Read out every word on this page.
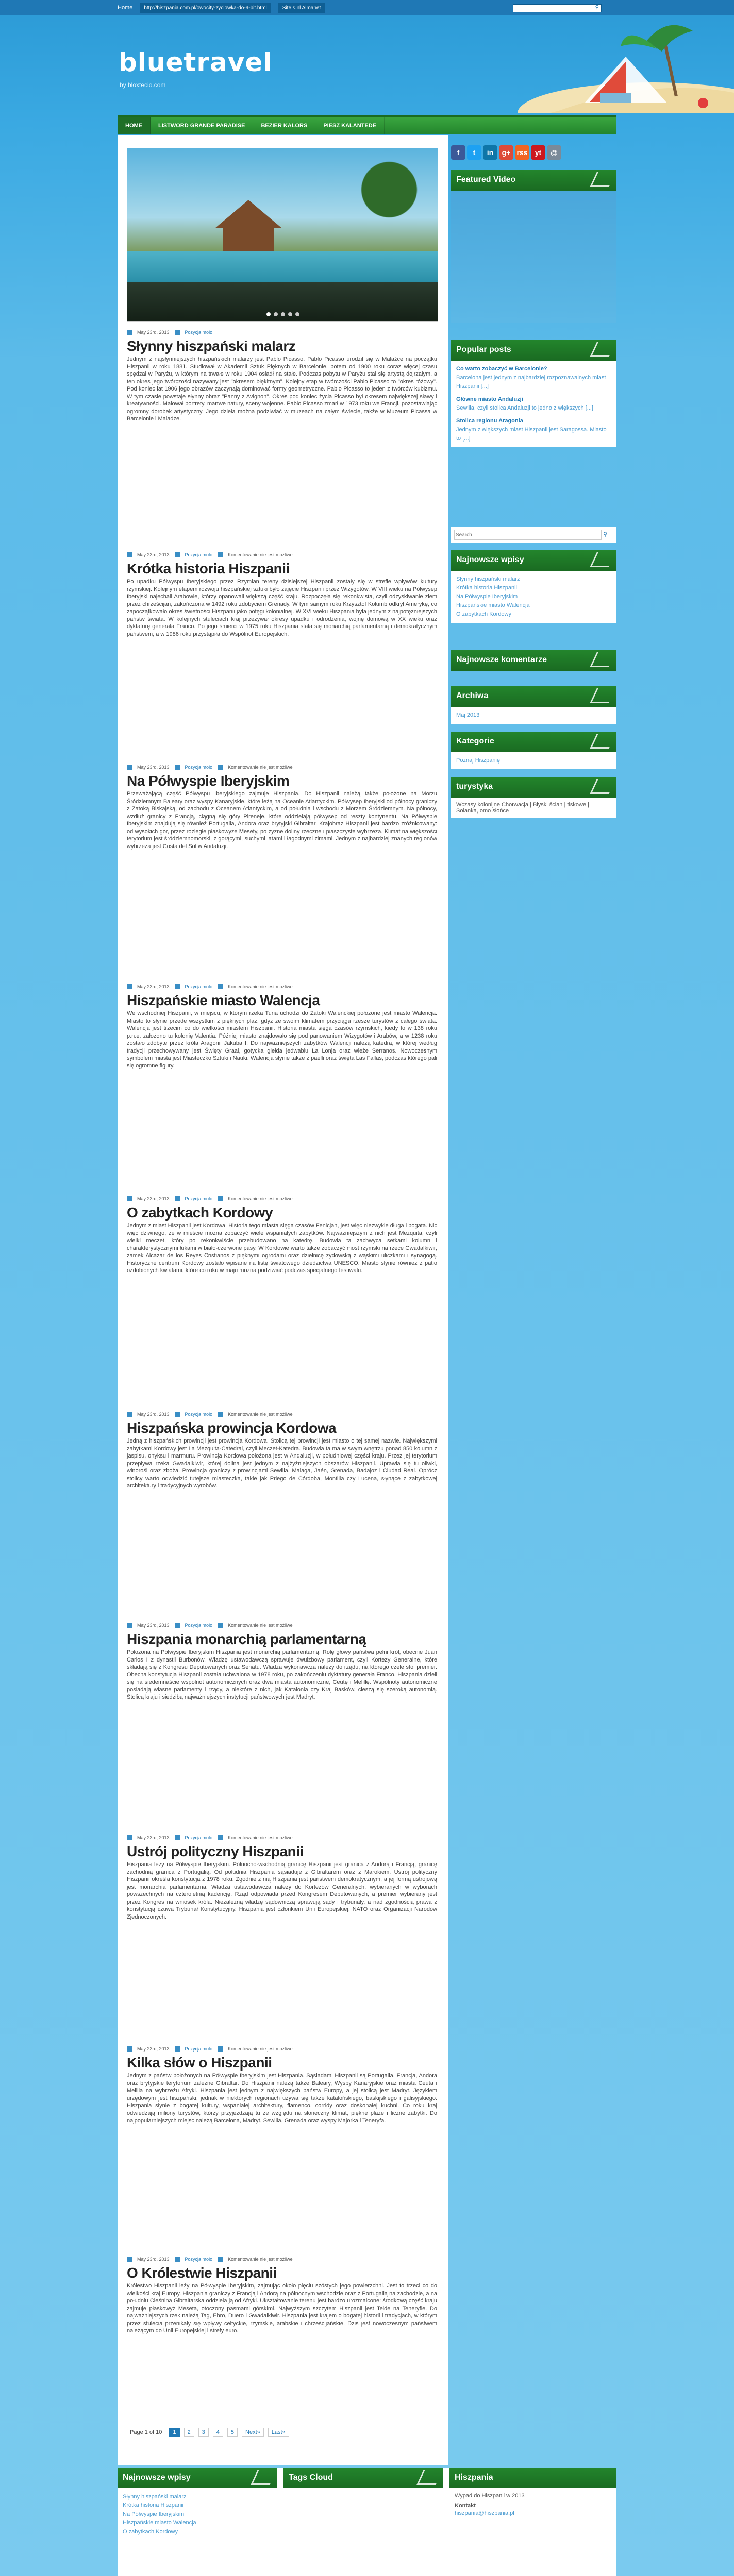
Home	http://hiszpania.com.pl/owocity-zyciowka-do-9-bit.html	Site s.nl Almanet	⚲
bluetravel
by bloxtecio.com
HOME	LISTWORD GRANDE PARADISE	BEZIER KALORS	PIESZ KALANTEDE
May 23rd, 2013	Pozycja molo
Słynny hiszpański malarz

Jednym z najsłynniejszych hiszpańskich malarzy jest Pablo Picasso. Pablo Picasso urodził się w Malaźce na początku Hiszpanii w roku 1881. Studiował w Akademii Sztuk Pięknych w Barcelonie, potem od 1900 roku coraz więcej czasu spędzał w Paryżu, w którym na trwałe w roku 1904 osiadł na stałe. Podczas pobytu w Paryżu stał się artystą dojrzałym, a ten okres jego twórczości nazywany jest "okresem błękitnym". Kolejny etap w twórczości Pablo Picasso to "okres różowy". Pod koniec lat 1906 jego obrazów zaczynają dominować formy geometryczne. Pablo Picasso to jeden z twórców kubizmu. W tym czasie powstaje słynny obraz "Panny z Avignon". Okres pod koniec życia Picasso był okresem największej sławy i kreatywności. Malował portrety, martwe natury, sceny wojenne. Pablo Picasso zmarł w 1973 roku we Francji, pozostawiając ogromny dorobek artystyczny. Jego dzieła można podziwiać w muzeach na całym świecie, także w Muzeum Picassa w Barcelonie i Maladze.

May 23rd, 2013	Pozycja molo	Komentowanie nie jest możliwe
Krótka historia Hiszpanii

Po upadku Półwyspu Iberyjskiego przez Rzymian tereny dzisiejszej Hiszpanii zostały się w strefie wpływów kultury rzymskiej. Kolejnym etapem rozwoju hiszpańskiej sztuki było zajęcie Hiszpanii przez Wizygotów. W VIII wieku na Półwysep Iberyjski najechali Arabowie, którzy opanowali większą część kraju. Rozpoczęła się rekonkwista, czyli odzyskiwanie ziem przez chrześcijan, zakończona w 1492 roku zdobyciem Grenady. W tym samym roku Krzysztof Kolumb odkrył Amerykę, co zapoczątkowało okres świetności Hiszpanii jako potęgi kolonialnej. W XVI wieku Hiszpania była jednym z najpotężniejszych państw świata. W kolejnych stuleciach kraj przeżywał okresy upadku i odrodzenia, wojnę domową w XX wieku oraz dyktaturę generała Franco. Po jego śmierci w 1975 roku Hiszpania stała się monarchią parlamentarną i demokratycznym państwem, a w 1986 roku przystąpiła do Wspólnot Europejskich.

May 23rd, 2013	Pozycja molo	Komentowanie nie jest możliwe
Na Półwyspie Iberyjskim

Przeważającą część Półwyspu Iberyjskiego zajmuje Hiszpania. Do Hiszpanii należą także położone na Morzu Śródziemnym Baleary oraz wyspy Kanaryjskie, które leżą na Oceanie Atlantyckim. Półwysep Iberyjski od północy graniczy z Zatoką Biskajską, od zachodu z Oceanem Atlantyckim, a od południa i wschodu z Morzem Śródziemnym. Na północy, wzdłuż granicy z Francją, ciągną się góry Pireneje, które oddzielają półwysep od reszty kontynentu. Na Półwyspie Iberyjskim znajdują się również Portugalia, Andora oraz brytyjski Gibraltar. Krajobraz Hiszpanii jest bardzo zróżnicowany: od wysokich gór, przez rozległe płaskowyże Mesety, po żyzne doliny rzeczne i piaszczyste wybrzeża. Klimat na większości terytorium jest śródziemnomorski, z gorącymi, suchymi latami i łagodnymi zimami. Jednym z najbardziej znanych regionów wybrzeża jest Costa del Sol w Andaluzji.

May 23rd, 2013	Pozycja molo	Komentowanie nie jest możliwe
Hiszpańskie miasto Walencja

We wschodniej Hiszpanii, w miejscu, w którym rzeka Turia uchodzi do Zatoki Walenckiej położone jest miasto Walencja. Miasto to słynie przede wszystkim z pięknych plaż, gdyż ze swoim klimatem przyciąga rzesze turystów z całego świata. Walencja jest trzecim co do wielkości miastem Hiszpanii. Historia miasta sięga czasów rzymskich, kiedy to w 138 roku p.n.e. założono tu kolonię Valentia. Później miasto znajdowało się pod panowaniem Wizygotów i Arabów, a w 1238 roku zostało zdobyte przez króla Aragonii Jakuba I. Do najważniejszych zabytków Walencji należą katedra, w której według tradycji przechowywany jest Święty Graal, gotycka giełda jedwabiu La Lonja oraz wieże Serranos. Nowoczesnym symbolem miasta jest Miasteczko Sztuki i Nauki. Walencja słynie także z paelli oraz święta Las Fallas, podczas którego pali się ogromne figury.

May 23rd, 2013	Pozycja molo	Komentowanie nie jest możliwe
O zabytkach Kordowy

Jednym z miast Hiszpanii jest Kordowa. Historia tego miasta sięga czasów Fenicjan, jest więc niezwykle długa i bogata. Nic więc dziwnego, że w mieście można zobaczyć wiele wspaniałych zabytków. Najważniejszym z nich jest Mezquita, czyli wielki meczet, który po rekonkwiście przebudowano na katedrę. Budowla ta zachwyca setkami kolumn i charakterystycznymi łukami w biało-czerwone pasy. W Kordowie warto także zobaczyć most rzymski na rzece Gwadalkiwir, zamek Alcázar de los Reyes Cristianos z pięknymi ogrodami oraz dzielnicę żydowską z wąskimi uliczkami i synagogą. Historyczne centrum Kordowy zostało wpisane na listę światowego dziedzictwa UNESCO. Miasto słynie również z patio ozdobionych kwiatami, które co roku w maju można podziwiać podczas specjalnego festiwalu.

May 23rd, 2013	Pozycja molo	Komentowanie nie jest możliwe
Hiszpańska prowincja Kordowa

Jedną z hiszpańskich prowincji jest prowincja Kordowa. Stolicą tej prowincji jest miasto o tej samej nazwie. Największymi zabytkami Kordowy jest La Mezquita-Catedral, czyli Meczet-Katedra. Budowla ta ma w swym wnętrzu ponad 850 kolumn z jaspisu, onyksu i marmuru. Prowincja Kordowa położona jest w Andaluzji, w południowej części kraju. Przez jej terytorium przepływa rzeka Gwadalkiwir, której dolina jest jednym z najżyźniejszych obszarów Hiszpanii. Uprawia się tu oliwki, winorośl oraz zboża. Prowincja graniczy z prowincjami Sewilla, Malaga, Jaén, Grenada, Badajoz i Ciudad Real. Oprócz stolicy warto odwiedzić tutejsze miasteczka, takie jak Priego de Córdoba, Montilla czy Lucena, słynące z zabytkowej architektury i tradycyjnych wyrobów.

May 23rd, 2013	Pozycja molo	Komentowanie nie jest możliwe
Hiszpania monarchią parlamentarną

Położona na Półwyspie Iberyjskim Hiszpania jest monarchią parlamentarną. Rolę głowy państwa pełni król, obecnie Juan Carlos I z dynastii Burbonów. Władzę ustawodawczą sprawuje dwuizbowy parlament, czyli Kortezy Generalne, które składają się z Kongresu Deputowanych oraz Senatu. Władza wykonawcza należy do rządu, na którego czele stoi premier. Obecna konstytucja Hiszpanii została uchwalona w 1978 roku, po zakończeniu dyktatury generała Franco. Hiszpania dzieli się na siedemnaście wspólnot autonomicznych oraz dwa miasta autonomiczne, Ceutę i Melillę. Wspólnoty autonomiczne posiadają własne parlamenty i rządy, a niektóre z nich, jak Katalonia czy Kraj Basków, cieszą się szeroką autonomią. Stolicą kraju i siedzibą najważniejszych instytucji państwowych jest Madryt.

May 23rd, 2013	Pozycja molo	Komentowanie nie jest możliwe
Ustrój polityczny Hiszpanii

Hiszpania leży na Półwyspie Iberyjskim. Północno-wschodnią granicę Hiszpanii jest granica z Andorą i Francją, granicę zachodnią granica z Portugalią. Od południa Hiszpania sąsiaduje z Gibraltarem oraz z Marokiem. Ustrój polityczny Hiszpanii określa konstytucja z 1978 roku. Zgodnie z nią Hiszpania jest państwem demokratycznym, a jej formą ustrojową jest monarchia parlamentarna. Władza ustawodawcza należy do Kortezów Generalnych, wybieranych w wyborach powszechnych na czteroletnią kadencję. Rząd odpowiada przed Kongresem Deputowanych, a premier wybierany jest przez Kongres na wniosek króla. Niezależną władzę sądowniczą sprawują sądy i trybunały, a nad zgodnością prawa z konstytucją czuwa Trybunał Konstytucyjny. Hiszpania jest członkiem Unii Europejskiej, NATO oraz Organizacji Narodów Zjednoczonych.

May 23rd, 2013	Pozycja molo	Komentowanie nie jest możliwe
Kilka słów o Hiszpanii

Jednym z państw położonych na Półwyspie Iberyjskim jest Hiszpania. Sąsiadami Hiszpanii są Portugalia, Francja, Andora oraz brytyjskie terytorium zależne Gibraltar. Do Hiszpanii należą także Baleary, Wyspy Kanaryjskie oraz miasta Ceuta i Melilla na wybrzeżu Afryki. Hiszpania jest jednym z największych państw Europy, a jej stolicą jest Madryt. Językiem urzędowym jest hiszpański, jednak w niektórych regionach używa się także katalońskiego, baskijskiego i galisyjskiego. Hiszpania słynie z bogatej kultury, wspaniałej architektury, flamenco, corridy oraz doskonałej kuchni. Co roku kraj odwiedzają miliony turystów, którzy przyjeżdżają tu ze względu na słoneczny klimat, piękne plaże i liczne zabytki. Do najpopularniejszych miejsc należą Barcelona, Madryt, Sewilla, Grenada oraz wyspy Majorka i Teneryfa.

May 23rd, 2013	Pozycja molo	Komentowanie nie jest możliwe
O Królestwie Hiszpanii

Królestwo Hiszpanii leży na Półwyspie Iberyjskim, zajmując około pięciu szóstych jego powierzchni. Jest to trzeci co do wielkości kraj Europy. Hiszpania graniczy z Francją i Andorą na północnym wschodzie oraz z Portugalią na zachodzie, a na południu Cieśnina Gibraltarska oddziela ją od Afryki. Ukształtowanie terenu jest bardzo urozmaicone: środkową część kraju zajmuje płaskowyż Meseta, otoczony pasmami górskimi. Najwyższym szczytem Hiszpanii jest Teide na Teneryfie. Do najważniejszych rzek należą Tag, Ebro, Duero i Gwadalkiwir. Hiszpania jest krajem o bogatej historii i tradycjach, w którym przez stulecia przenikały się wpływy celtyckie, rzymskie, arabskie i chrześcijańskie. Dziś jest nowoczesnym państwem należącym do Unii Europejskiej i strefy euro.

Page 1 of 10	1	2	3	4	5	Next»	Last»
f	t	in	g+ rss	yt	@
Featured Video
Popular posts
Co warto zobaczyć w Barcelonie?
Barcelona jest jednym z najbardziej rozpoznawalnych miast Hiszpanii [...]
Główne miasto Andaluzji
Sewilla, czyli stolica Andaluzji to jedno z większych [...]
Stolica regionu Aragonia
Jednym z większych miast Hiszpanii jest Saragossa. Miasto to [...]
Search ⚲
Najnowsze wpisy
Słynny hiszpański malarz
Krótka historia Hiszpanii
Na Półwyspie Iberyjskim
Hiszpańskie miasto Walencja
O zabytkach Kordowy
Najnowsze komentarze
Archiwa
Maj 2013
Kategorie
Poznaj Hiszpanię
turystyka
Wczasy kolonijne Chorwacja | Błyski ścian | tiskowe | Solanka, omo słońce
Najnowsze wpisy
Słynny hiszpański malarz
Krótka historia Hiszpanii
Na Półwyspie Iberyjskim
Hiszpańskie miasto Walencja
O zabytkach Kordowy
Tags Cloud	Hiszpania
Wypad do Hiszpanii w 2013
Kontakt
hiszpania@hiszpania.pl
